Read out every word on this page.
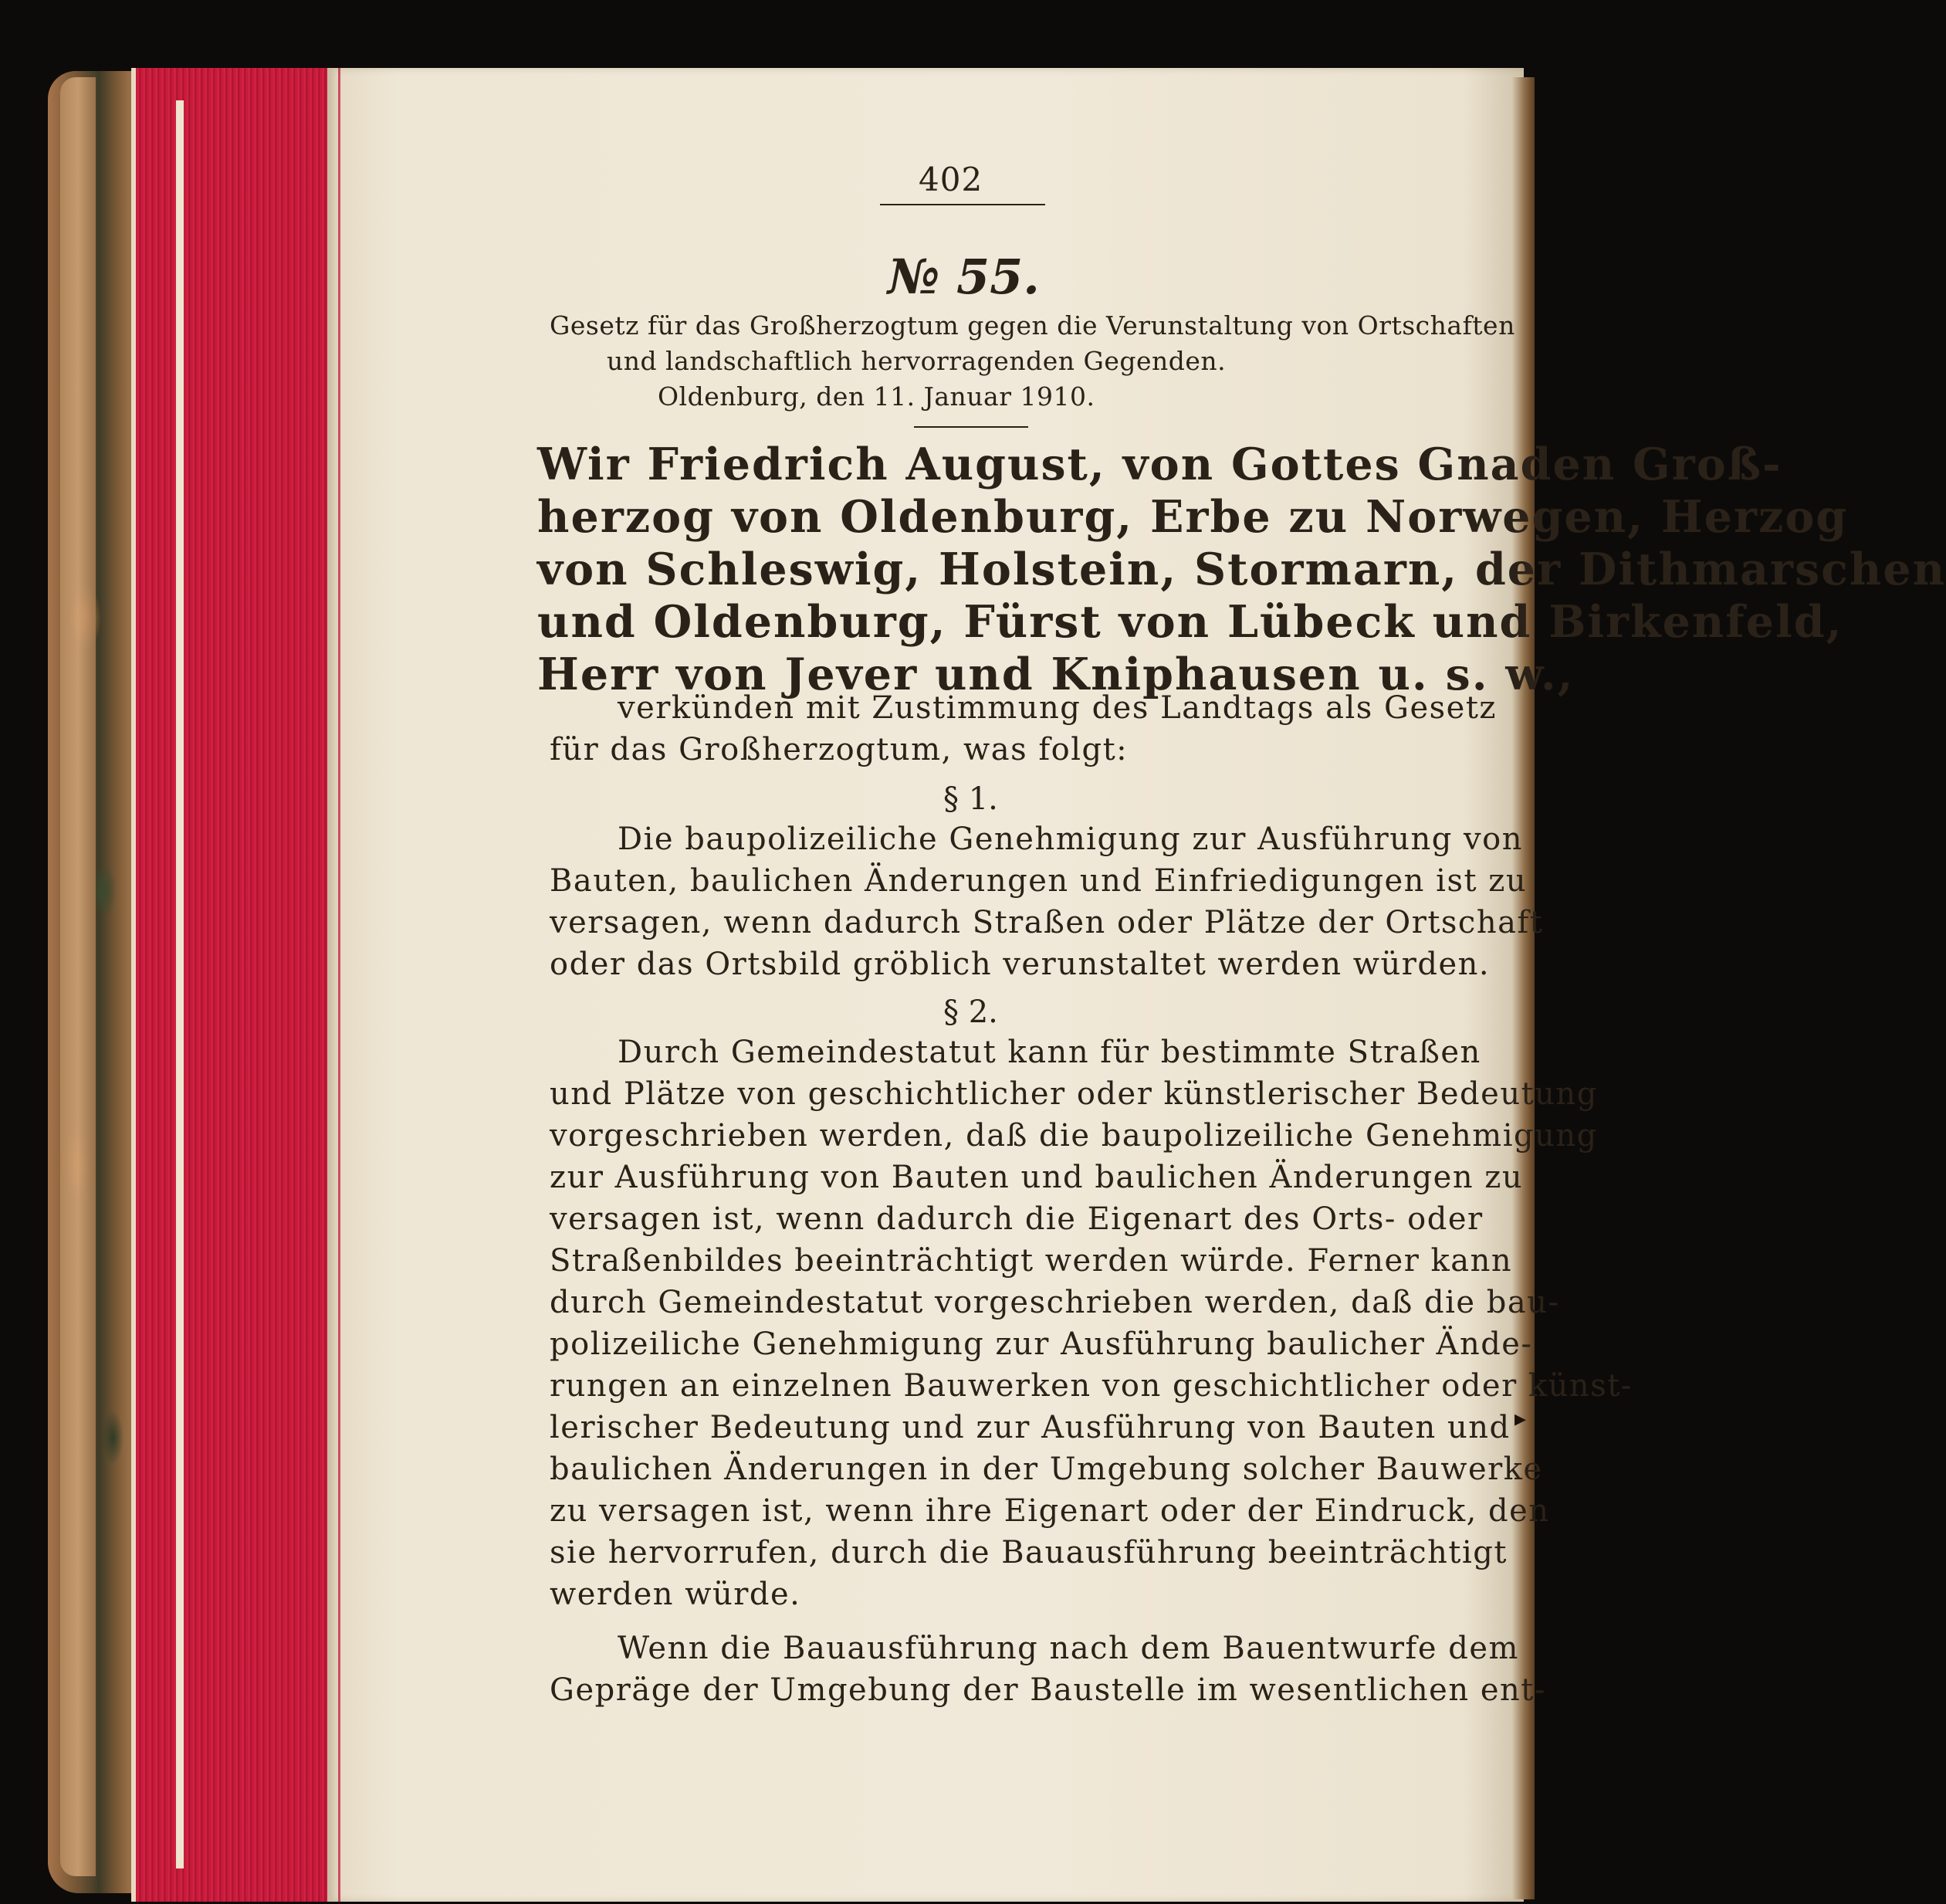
402
№ 55.
Gesetz für das Großherzogtum gegen die Verunstaltung von Ortschaften
und landschaftlich hervorragenden Gegenden.
Oldenburg, den 11. Januar 1910.
Wir Friedrich August, von Gottes Gnaden Groß-
herzog von Oldenburg, Erbe zu Norwegen, Herzog
von Schleswig, Holstein, Stormarn, der Dithmarschen
und Oldenburg, Fürst von Lübeck und Birkenfeld,
Herr von Jever und Kniphausen u. s. w.,
verkünden mit Zustimmung des Landtags als Gesetz
für das Großherzogtum, was folgt:
§ 1.
Die baupolizeiliche Genehmigung zur Ausführung von
Bauten, baulichen Änderungen und Einfriedigungen ist zu
versagen, wenn dadurch Straßen oder Plätze der Ortschaft
oder das Ortsbild gröblich verunstaltet werden würden.
§ 2.
Durch Gemeindestatut kann für bestimmte Straßen
und Plätze von geschichtlicher oder künstlerischer Bedeutung
vorgeschrieben werden, daß die baupolizeiliche Genehmigung
zur Ausführung von Bauten und baulichen Änderungen zu
versagen ist, wenn dadurch die Eigenart des Orts- oder
Straßenbildes beeinträchtigt werden würde. Ferner kann
durch Gemeindestatut vorgeschrieben werden, daß die bau-
polizeiliche Genehmigung zur Ausführung baulicher Ände-
rungen an einzelnen Bauwerken von geschichtlicher oder künst-
lerischer Bedeutung und zur Ausführung von Bauten und
baulichen Änderungen in der Umgebung solcher Bauwerke
zu versagen ist, wenn ihre Eigenart oder der Eindruck, den
sie hervorrufen, durch die Bauausführung beeinträchtigt
werden würde.
Wenn die Bauausführung nach dem Bauentwurfe dem
Gepräge der Umgebung der Baustelle im wesentlichen ent-
▸
